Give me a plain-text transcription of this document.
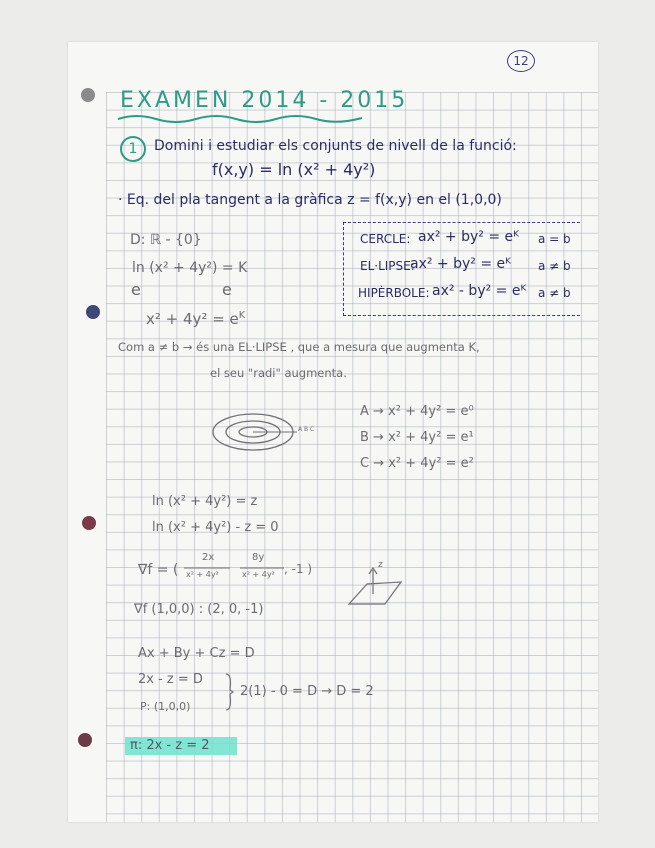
12
EXAMEN 2014 - 2015
1	Domini i estudiar els conjunts de nivell de la funció:
f(x,y) = ln (x² + 4y²)
· Eq. del pla tangent a la gràfica z = f(x,y) en el (1,0,0)
D: ℝ - {0}
ln (x² + 4y²) = K
e	e
$x^2 + 4y^2 = e^K$
CERCLE: ax² + by² = eᴷ a = b
EL·LIPSE:
ax² + by² = eᴷ a ≠ b
HIPÈRBOLE: ax² - by² = eᴷ a ≠ b
Com a ≠ b → és una EL·LIPSE , que a mesura que augmenta K,
el seu "radi" augmenta.
A B C
A → x² + 4y² = e⁰
B → x² + 4y² = e¹
C → x² + 4y² = e²
ln (x² + 4y²) = z
ln (x² + 4y²) - z = 0
∇f = (
2x
x² + 4y²
8y
x² + 4y² , -1 )
∇f (1,0,0) : (2, 0, -1)
z
Ax + By + Cz = D
2x - z = D
P: (1,0,0)
2(1) - 0 = D → D = 2
π: 2x - z = 2
